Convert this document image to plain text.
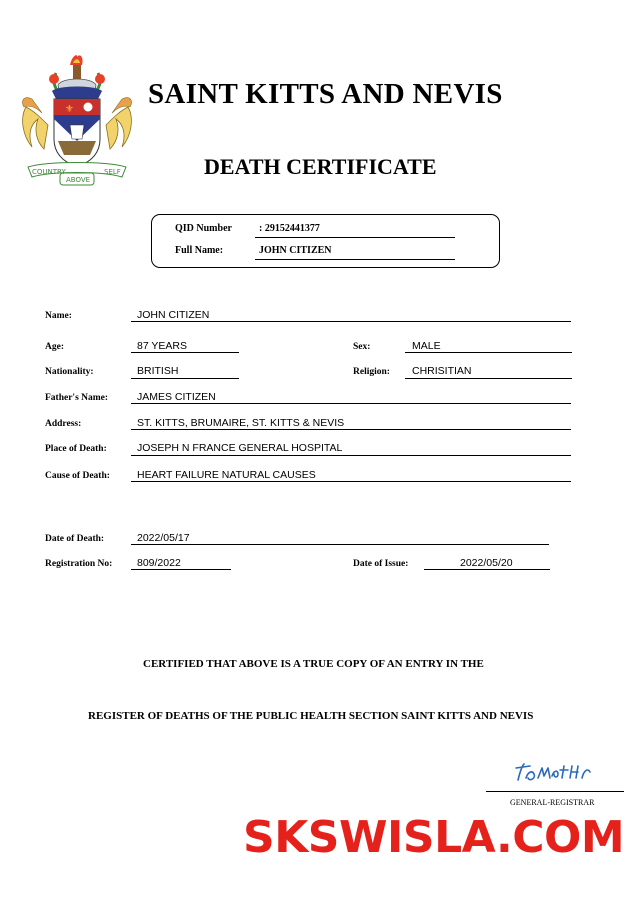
⚜
COUNTRY
ABOVE
SELF
SAINT KITTS AND NEVIS
DEATH CERTIFICATE
QID Number	: 29152441377
Full Name:	JOHN CITIZEN
Name:	JOHN CITIZEN
Age:	87 YEARS	Sex:	MALE
Nationality:	BRITISH	Religion: CHRISITIAN
Father's Name:	JAMES CITIZEN
Address:	ST. KITTS, BRUMAIRE, ST. KITTS & NEVIS
Place of Death:	JOSEPH N FRANCE GENERAL HOSPITAL
Cause of Death:	HEART FAILURE NATURAL CAUSES
Date of Death:	2022/05/17
Registration No: 809/2022	Date of Issue:	2022/05/20
CERTIFIED THAT ABOVE IS A TRUE COPY OF AN ENTRY IN THE
REGISTER OF DEATHS OF THE PUBLIC HEALTH SECTION SAINT KITTS AND NEVIS
GENERAL-REGISTRAR
SKSWISLA.COM
